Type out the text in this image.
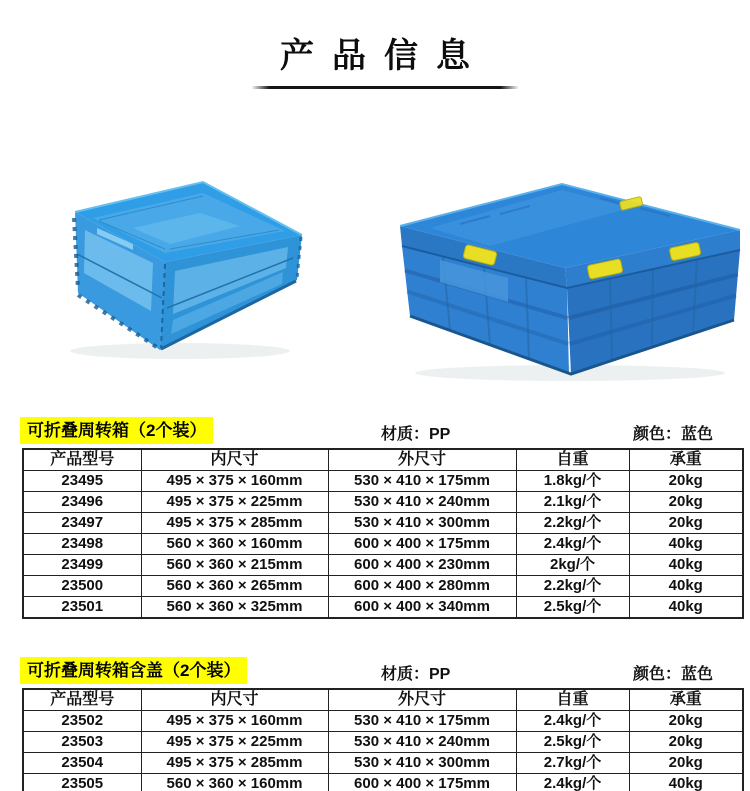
产品信息
可折叠周转箱（2个装）	材质：PP	颜色：蓝色
产品型号	内尺寸	外尺寸	自重	承重
23495	495 × 375 × 160mm	530 × 410 × 175mm	1.8kg/个	20kg
23496	495 × 375 × 225mm	530 × 410 × 240mm	2.1kg/个	20kg
23497	495 × 375 × 285mm	530 × 410 × 300mm	2.2kg/个	20kg
23498	560 × 360 × 160mm	600 × 400 × 175mm	2.4kg/个	40kg
23499	560 × 360 × 215mm	600 × 400 × 230mm	2kg/个	40kg
23500	560 × 360 × 265mm	600 × 400 × 280mm	2.2kg/个	40kg
23501	560 × 360 × 325mm	600 × 400 × 340mm	2.5kg/个	40kg
可折叠周转箱含盖（2个装）	材质：PP	颜色：蓝色
产品型号	内尺寸	外尺寸	自重	承重
23502	495 × 375 × 160mm	530 × 410 × 175mm	2.4kg/个	20kg
23503	495 × 375 × 225mm	530 × 410 × 240mm	2.5kg/个	20kg
23504	495 × 375 × 285mm	530 × 410 × 300mm	2.7kg/个	20kg
23505	560 × 360 × 160mm	600 × 400 × 175mm	2.4kg/个	40kg
